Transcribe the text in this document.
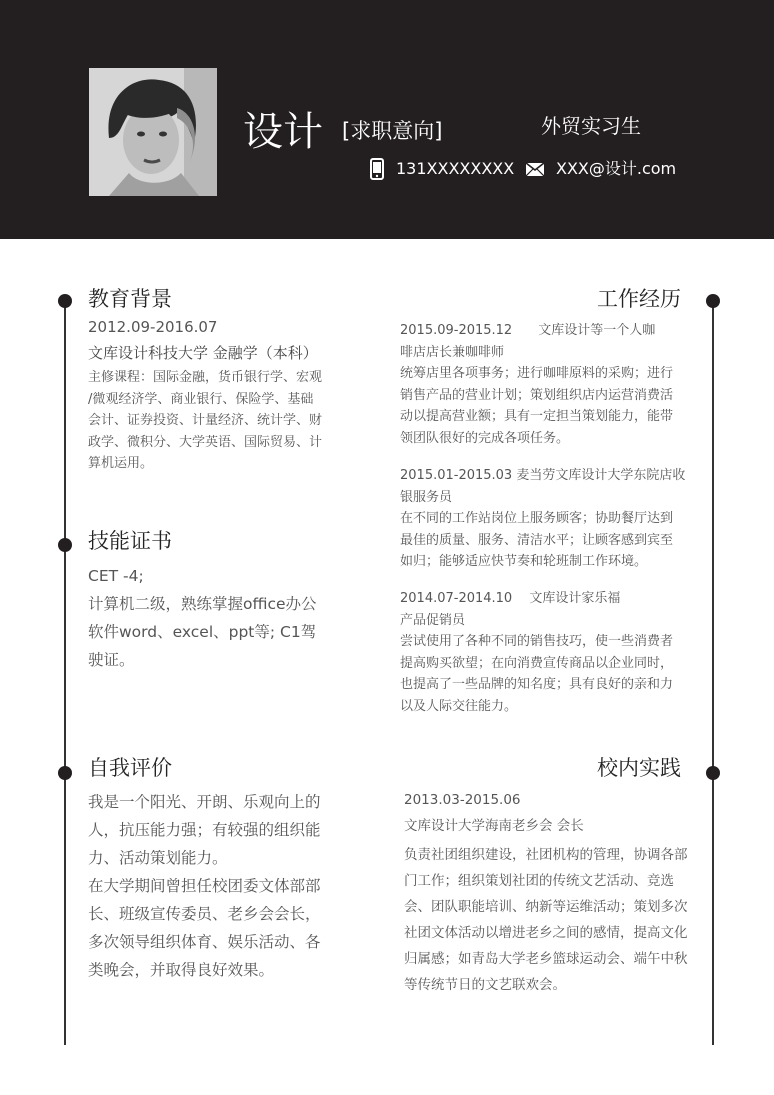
设计 [求职意向]	外贸实习生
131XXXXXXXX	XXX@设计.com
教育背景
2012.09-2016.07
文库设计科技大学 金融学（本科）

主修课程：国际金融，货币银行学、宏观

/微观经济学、商业银行、保险学、基础

会计、证券投资、计量经济、统计学、财

政学、微积分、大学英语、国际贸易、计

算机运用。

技能证书

CET -4;

计算机二级，熟练掌握office办公

软件word、excel、ppt等; C1驾

驶证。

自我评价

我是一个阳光、开朗、乐观向上的

人，抗压能力强；有较强的组织能

力、活动策划能力。

在大学期间曾担任校团委文体部部

长、班级宣传委员、老乡会会长，

多次领导组织体育、娱乐活动、各

类晚会，并取得良好效果。

工作经历

2015.09-2015.12　　文库设计等一个人咖

啡店店长兼咖啡师

统筹店里各项事务；进行咖啡原料的采购；进行

销售产品的营业计划；策划组织店内运营消费活

动以提高营业额；具有一定担当策划能力，能带

领团队很好的完成各项任务。

2015.01-2015.03 麦当劳文库设计大学东院店收

银服务员

在不同的工作站岗位上服务顾客；协助餐厅达到

最佳的质量、服务、清洁水平；让顾客感到宾至

如归；能够适应快节奏和轮班制工作环境。

2014.07-2014.10　 文库设计家乐福

产品促销员

尝试使用了各种不同的销售技巧，使一些消费者

提高购买欲望；在向消费宣传商品以企业同时，

也提高了一些品牌的知名度；具有良好的亲和力

以及人际交往能力。

校内实践
2013.03-2015.06
文库设计大学海南老乡会 会长

负责社团组织建设，社团机构的管理，协调各部

门工作；组织策划社团的传统文艺活动、竞选

会、团队职能培训、纳新等运维活动；策划多次

社团文体活动以增进老乡之间的感情，提高文化

归属感；如青岛大学老乡篮球运动会、端午中秋

等传统节日的文艺联欢会。
